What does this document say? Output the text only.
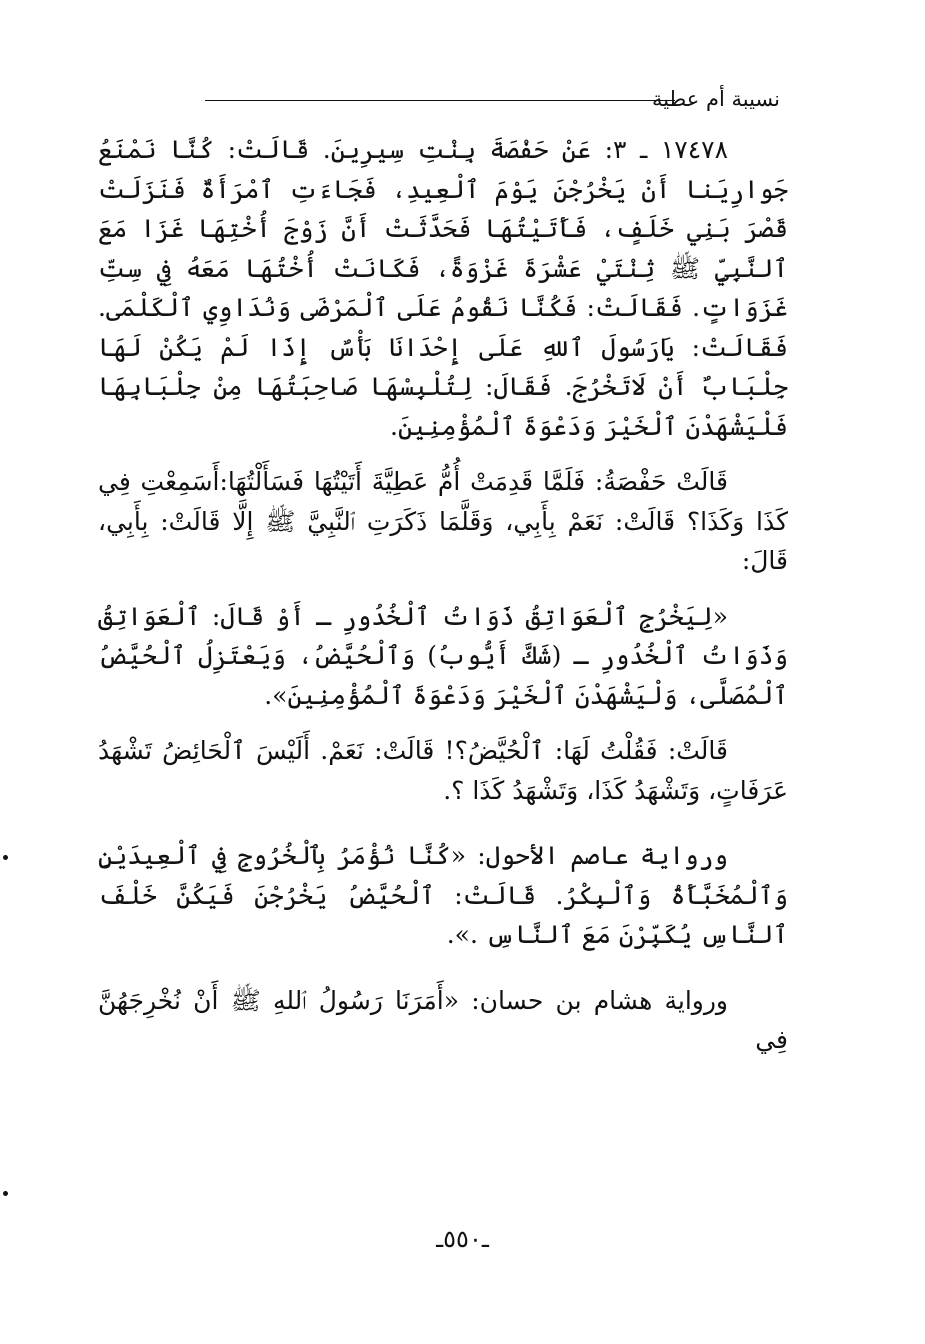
نسيبة أم عطية

١٧٤٧٨ ـ ٣: عَنْ حَفْصَةَ بِنْتِ سِيرِينَ. قَالَتْ: كُنَّا نَمْنَعُ جَوارِيَنا أَنْ يَخْرُجْنَ يَوْمَ ٱلْعِيدِ، فَجَاءَتِ ٱمْرَأَةٌ فَنَزَلَتْ قَصْرَ بَنِي خَلَفٍ، فَأَتَيْتُهَا فَحَدَّثَتْ أَنَّ زَوْجَ أُخْتِهَا غَزَا مَعَ ٱلنَّبِيِّ ﷺ ثِنْتَيْ عَشْرَةَ غَزْوَةً، فَكَانَتْ أُخْتُهَا مَعَهُ فِي سِتِّ غَزَوَاتٍ. فَقَالَتْ: فَكُنَّا نَقُومُ عَلَى ٱلْمَرْضَى وَنُدَاوِي ٱلْكَلْمَى. فَقَالَتْ: يَارَسُولَ ٱللهِ عَلَى إِحْدَانَا بَأْسٌ إِذَا لَمْ يَكُنْ لَهَا جِلْبَابٌ أَنْ لَاتَخْرُجَ. فَقَالَ: لِتُلْبِسْهَا صَاحِبَتُهَا مِنْ جِلْبَابِهَا فَلْيَشْهَدْنَ ٱلْخَيْرَ وَدَعْوَةَ ٱلْمُؤْمِنِينَ.

قَالَتْ حَفْصَةُ: فَلَمَّا قَدِمَتْ أُمُّ عَطِيَّةَ أَتَيْتُهَا فَسَأَلْتُهَا:أَسَمِعْتِ فِي كَذَا وَكَذَا؟ قَالَتْ: نَعَمْ بِأَبِي، وَقَلَّمَا ذَكَرَتِ ٱلنَّبِيَّ ﷺ إِلَّا قَالَتْ: بِأَبِي، قَالَ:

«لِيَخْرُجِ ٱلْعَوَاتِقُ ذَوَاتُ ٱلْخُدُورِ ـ أَوْ قَالَ: ٱلْعَوَاتِقُ وَذَوَاتُ ٱلْخُدُورِ ـ (شَكَّ أَيُّوبُ) وَٱلْحُيَّضُ، وَيَعْتَزِلُ ٱلْحُيَّضُ ٱلْمُصَلَّى، وَلْيَشْهَدْنَ ٱلْخَيْرَ وَدَعْوَةَ ٱلْمُؤْمِنِينَ».

قَالَتْ: فَقُلْتُ لَهَا: ٱلْحُيَّضُ؟! قَالَتْ: نَعَمْ. أَلَيْسَ ٱلْحَائِضُ تَشْهَدُ عَرَفَاتٍ، وَتَشْهَدُ كَذَا، وَتَشْهَدُ كَذَا ؟.

ورواية عاصم الأحول: «كُنَّا نُؤْمَرُ بِٱلْخُرُوجِ فِي ٱلْعِيدَيْنِ وَٱلْمُخَبَّأَةُ وَٱلْبِكْرُ. قَالَتْ: ٱلْحُيَّضُ يَخْرُجْنَ فَيَكُنَّ خَلْفَ ٱلنَّاسِ يُكَبِّرْنَ مَعَ ٱلنَّاسِ .».

ورواية هشام بن حسان: «أَمَرَنَا رَسُولُ ٱللهِ ﷺ أَنْ نُخْرِجَهُنَّ فِي

ـ٥٥٠ـ
